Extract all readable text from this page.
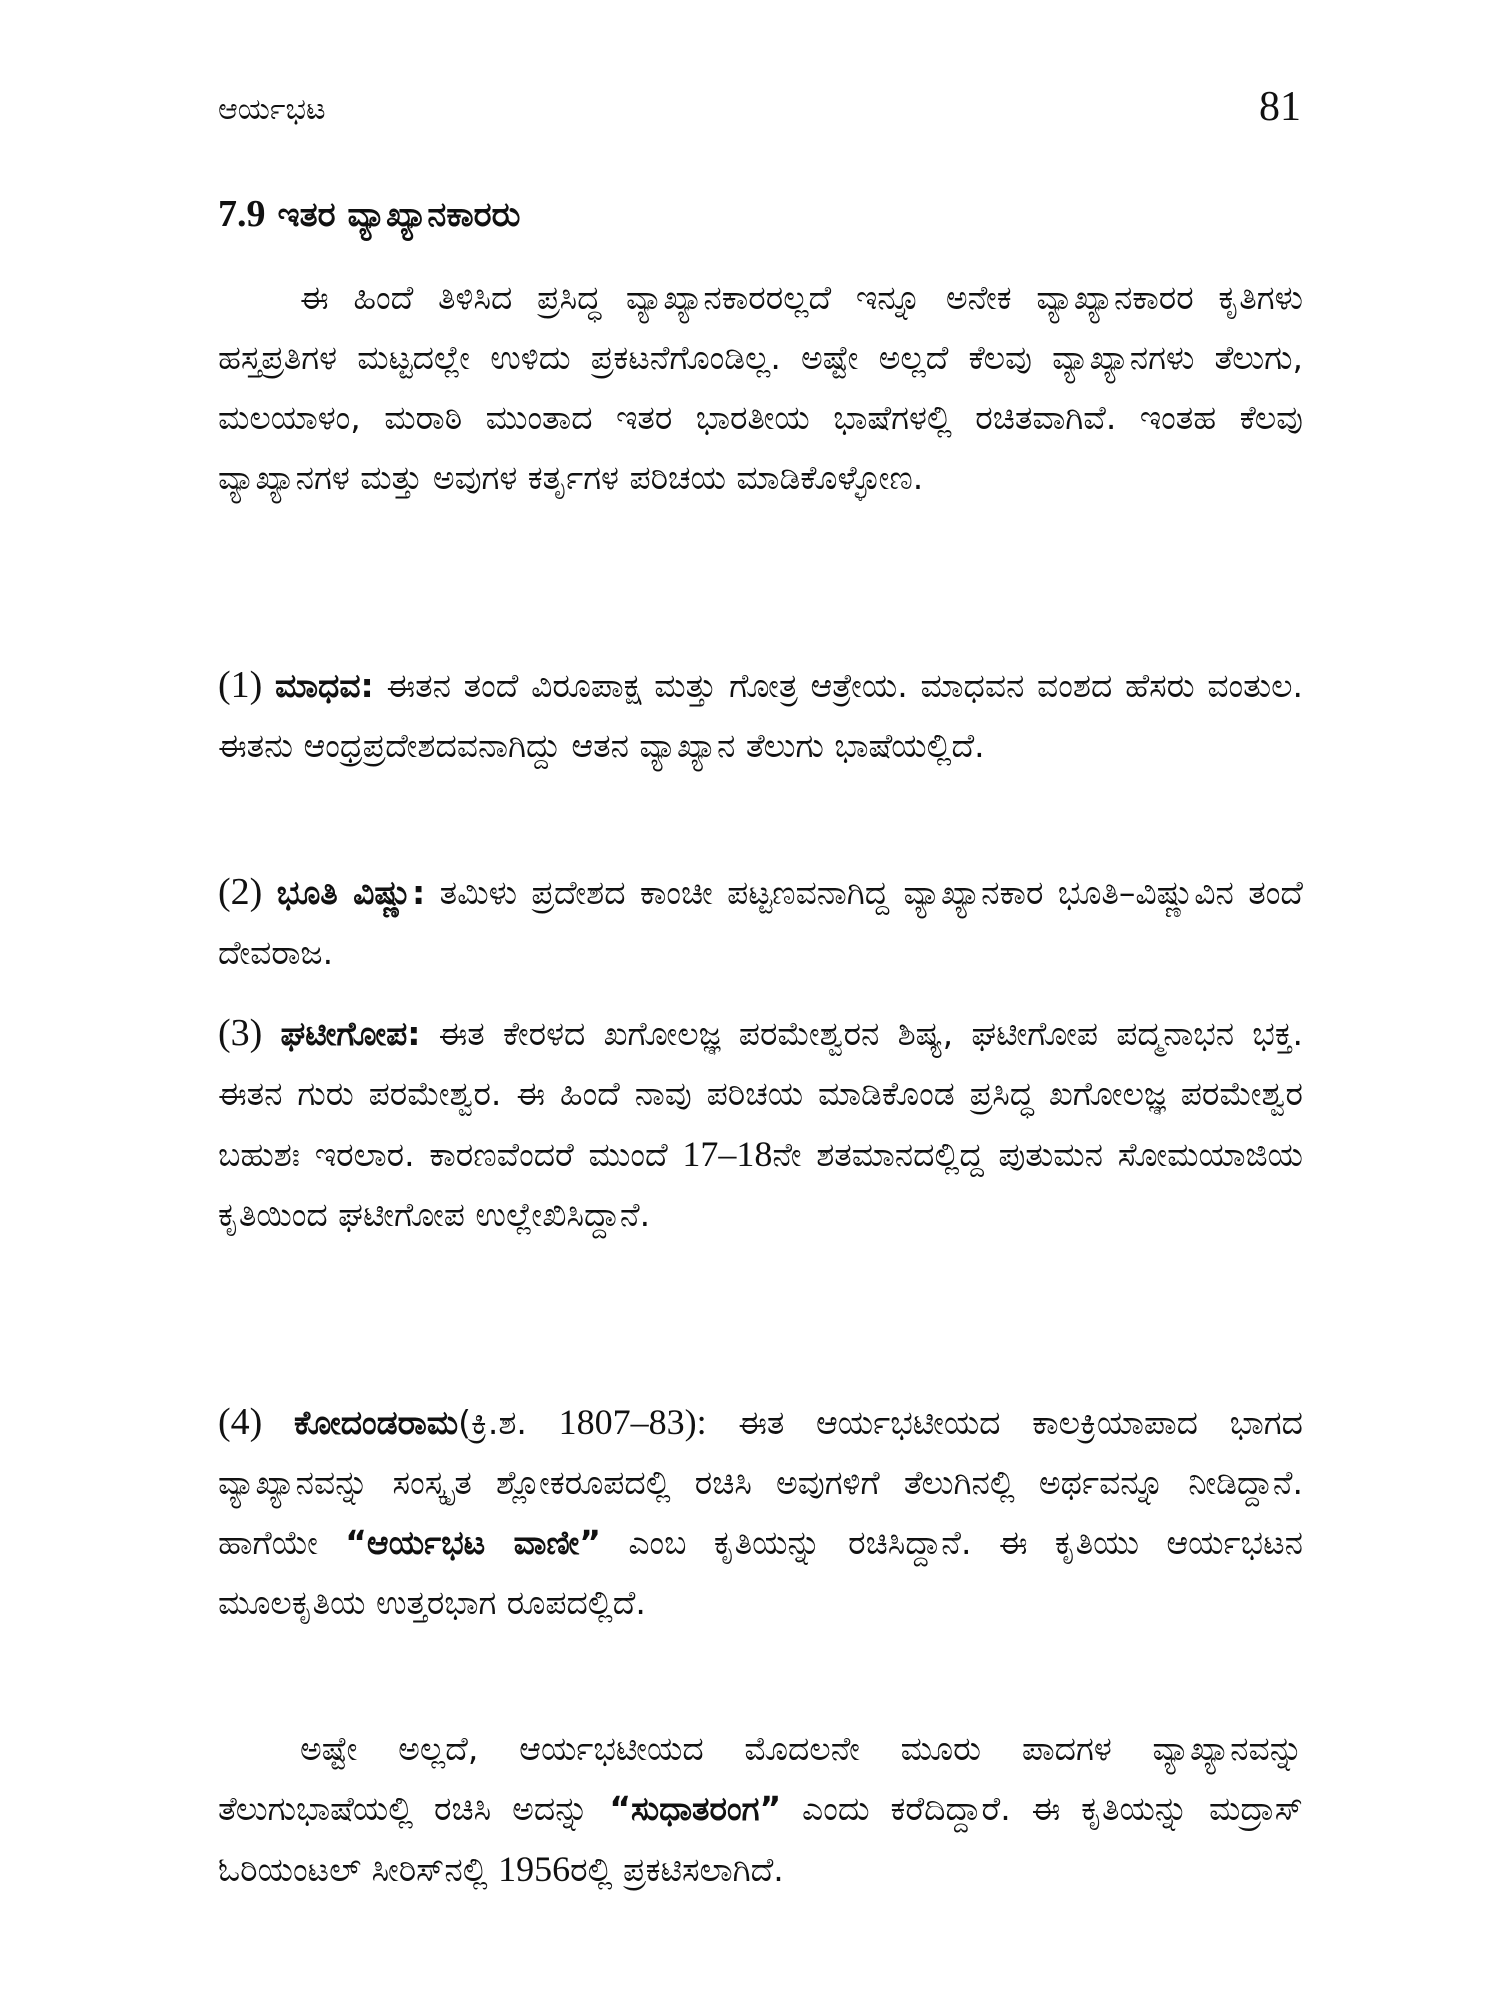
ಆರ್ಯಭಟ	81
7.9 ಇತರ ವ್ಯಾಖ್ಯಾನಕಾರರು

ಈ ಹಿಂದೆ ತಿಳಿಸಿದ ಪ್ರಸಿದ್ಧ ವ್ಯಾಖ್ಯಾನಕಾರರಲ್ಲದೆ ಇನ್ನೂ ಅನೇಕ ವ್ಯಾಖ್ಯಾನಕಾರರ ಕೃತಿಗಳು ಹಸ್ತಪ್ರತಿಗಳ ಮಟ್ಟದಲ್ಲೇ ಉಳಿದು ಪ್ರಕಟನೆಗೊಂಡಿಲ್ಲ. ಅಷ್ಟೇ ಅಲ್ಲದೆ ಕೆಲವು ವ್ಯಾಖ್ಯಾನಗಳು ತೆಲುಗು, ಮಲಯಾಳಂ, ಮರಾಠಿ ಮುಂತಾದ ಇತರ ಭಾರತೀಯ ಭಾಷೆಗಳಲ್ಲಿ ರಚಿತವಾಗಿವೆ. ಇಂತಹ ಕೆಲವು ವ್ಯಾಖ್ಯಾನಗಳ ಮತ್ತು ಅವುಗಳ ಕರ್ತೃಗಳ ಪರಿಚಯ ಮಾಡಿಕೊಳ್ಳೋಣ.

(1) ಮಾಧವ: ಈತನ ತಂದೆ ವಿರೂಪಾಕ್ಷ ಮತ್ತು ಗೋತ್ರ ಆತ್ರೇಯ. ಮಾಧವನ ವಂಶದ ಹೆಸರು ವಂತುಲ. ಈತನು ಆಂಧ್ರಪ್ರದೇಶದವನಾಗಿದ್ದು ಆತನ ವ್ಯಾಖ್ಯಾನ ತೆಲುಗು ಭಾಷೆಯಲ್ಲಿದೆ.

(2) ಭೂತಿ ವಿಷ್ಣು: ತಮಿಳು ಪ್ರದೇಶದ ಕಾಂಚೀ ಪಟ್ಟಣವನಾಗಿದ್ದ ವ್ಯಾಖ್ಯಾನಕಾರ ಭೂತಿ–ವಿಷ್ಣುವಿನ ತಂದೆ ದೇವರಾಜ.

(3) ಘಟೀಗೋಪ: ಈತ ಕೇರಳದ ಖಗೋಲಜ್ಞ ಪರಮೇಶ್ವರನ ಶಿಷ್ಯ, ಘಟೀಗೋಪ ಪದ್ಮನಾಭನ ಭಕ್ತ. ಈತನ ಗುರು ಪರಮೇಶ್ವರ. ಈ ಹಿಂದೆ ನಾವು ಪರಿಚಯ ಮಾಡಿಕೊಂಡ ಪ್ರಸಿದ್ಧ ಖಗೋಲಜ್ಞ ಪರಮೇಶ್ವರ ಬಹುಶಃ ಇರಲಾರ. ಕಾರಣವೆಂದರೆ ಮುಂದೆ 17–18ನೇ ಶತಮಾನದಲ್ಲಿದ್ದ ಪುತುಮನ ಸೋಮಯಾಜಿಯ ಕೃತಿಯಿಂದ ಘಟೀಗೋಪ ಉಲ್ಲೇಖಿಸಿದ್ದಾನೆ.

(4) ಕೋದಂಡರಾಮ(ಕ್ರಿ.ಶ. 1807–83): ಈತ ಆರ್ಯಭಟೀಯದ ಕಾಲಕ್ರಿಯಾಪಾದ ಭಾಗದ ವ್ಯಾಖ್ಯಾನವನ್ನು ಸಂಸ್ಕೃತ ಶ್ಲೋಕರೂಪದಲ್ಲಿ ರಚಿಸಿ ಅವುಗಳಿಗೆ ತೆಲುಗಿನಲ್ಲಿ ಅರ್ಥವನ್ನೂ ನೀಡಿದ್ದಾನೆ. ಹಾಗೆಯೇ “ಆರ್ಯಭಟ ವಾಣೀ” ಎಂಬ ಕೃತಿಯನ್ನು ರಚಿಸಿದ್ದಾನೆ. ಈ ಕೃತಿಯು ಆರ್ಯಭಟನ ಮೂಲಕೃತಿಯ ಉತ್ತರಭಾಗ ರೂಪದಲ್ಲಿದೆ.

ಅಷ್ಟೇ ಅಲ್ಲದೆ, ಆರ್ಯಭಟೀಯದ ಮೊದಲನೇ ಮೂರು ಪಾದಗಳ ವ್ಯಾಖ್ಯಾನವನ್ನು ತೆಲುಗುಭಾಷೆಯಲ್ಲಿ ರಚಿಸಿ ಅದನ್ನು “ಸುಧಾತರಂಗ” ಎಂದು ಕರೆದಿದ್ದಾರೆ. ಈ ಕೃತಿಯನ್ನು ಮದ್ರಾಸ್ ಓರಿಯಂಟಲ್ ಸೀರಿಸ್‌ನಲ್ಲಿ 1956ರಲ್ಲಿ ಪ್ರಕಟಿಸಲಾಗಿದೆ.
